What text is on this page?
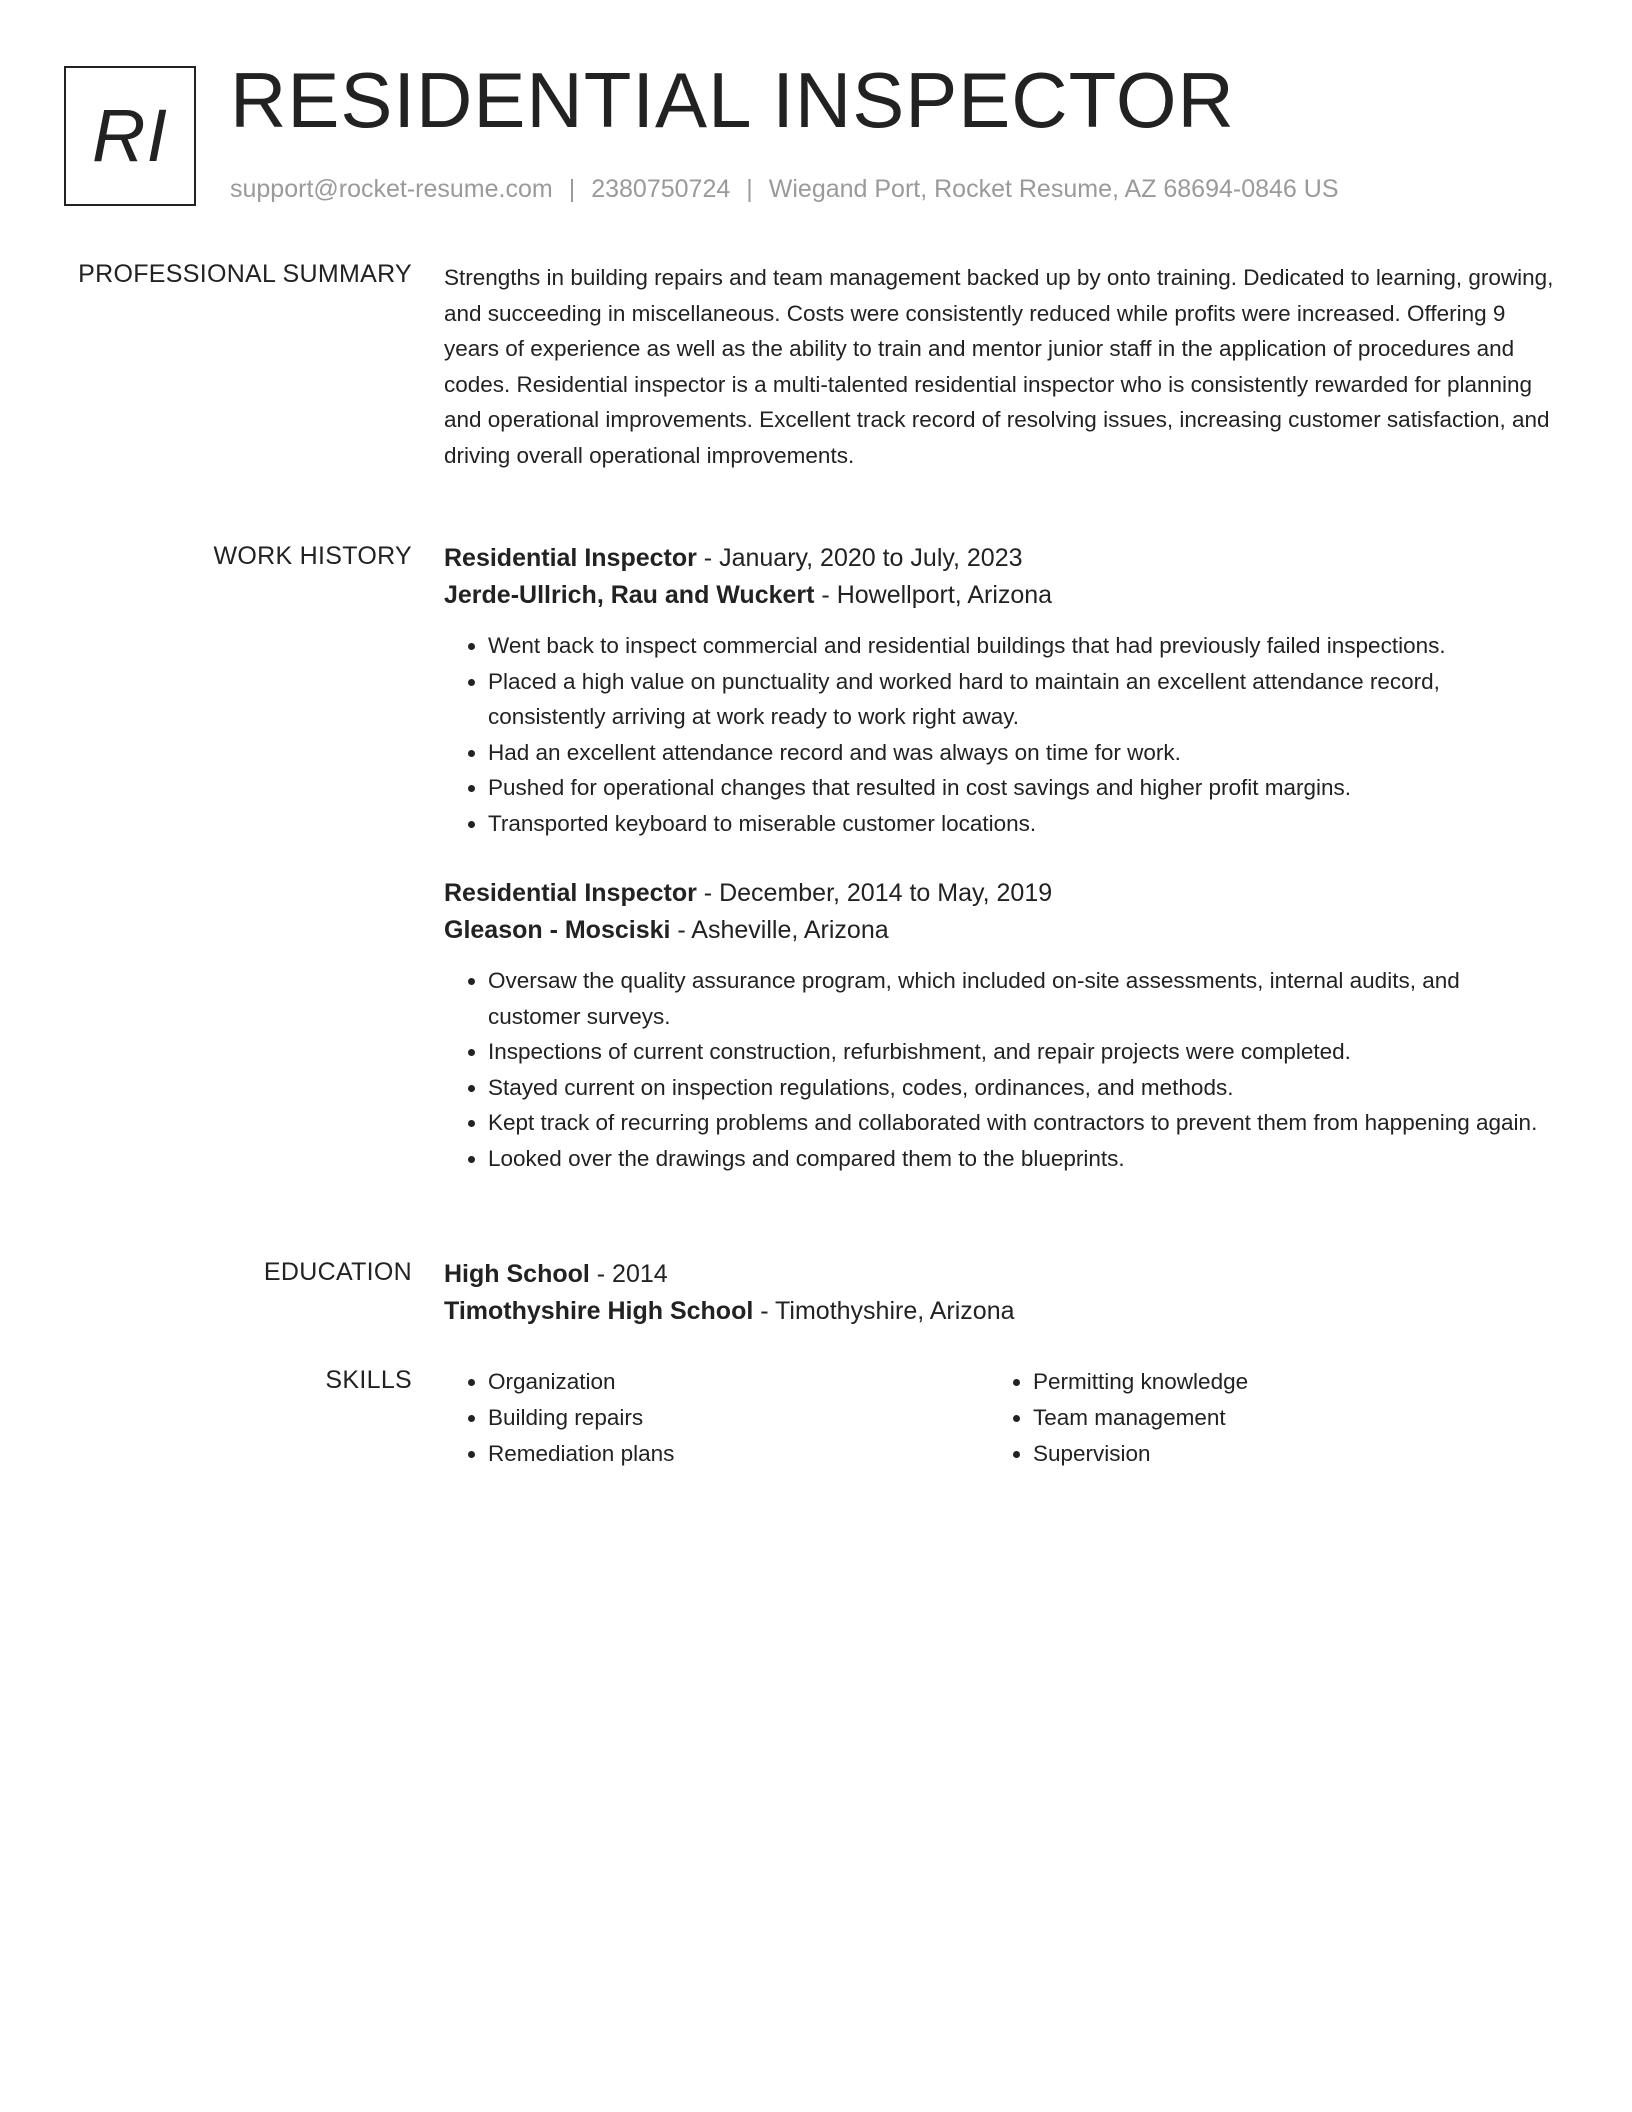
RI RESIDENTIAL INSPECTOR
support@rocket-resume.com | 2380750724 | Wiegand Port, Rocket Resume, AZ 68694-0846 US
PROFESSIONAL SUMMARY Strengths in building repairs and team management backed up by onto training. Dedicated to learning, growing, and succeeding in miscellaneous. Costs were consistently reduced while profits were increased. Offering 9 years of experience as well as the ability to train and mentor junior staff in the application of procedures and codes. Residential inspector is a multi-talented residential inspector who is consistently rewarded for planning and operational improvements. Excellent track record of resolving issues, increasing customer satisfaction, and driving overall operational improvements.

WORK HISTORY Residential Inspector - January, 2020 to July, 2023
Jerde-Ullrich, Rau and Wuckert - Howellport, Arizona
• Went back to inspect commercial and residential buildings that had previously failed inspections.
• Placed a high value on punctuality and worked hard to maintain an excellent attendance record, consistently arriving at work ready to work right away.
• Had an excellent attendance record and was always on time for work.
• Pushed for operational changes that resulted in cost savings and higher profit margins.
• Transported keyboard to miserable customer locations.
Residential Inspector - December, 2014 to May, 2019
Gleason - Mosciski - Asheville, Arizona
• Oversaw the quality assurance program, which included on-site assessments, internal audits, and customer surveys.
• Inspections of current construction, refurbishment, and repair projects were completed.
• Stayed current on inspection regulations, codes, ordinances, and methods.
• Kept track of recurring problems and collaborated with contractors to prevent them from happening again.
• Looked over the drawings and compared them to the blueprints.
EDUCATION High School - 2014
Timothyshire High School - Timothyshire, Arizona
SKILLS
•	Organization
• Building repairs
• Remediation plans
• Permitting knowledge
• Team management
• Supervision
